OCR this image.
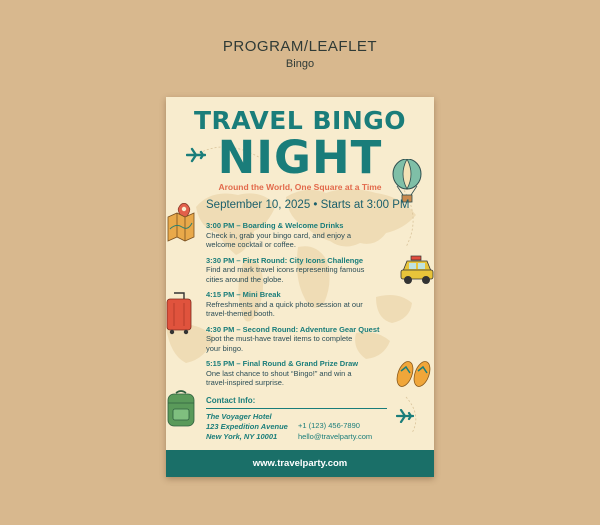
PROGRAM/LEAFLET
Bingo
TRAVEL BINGO
NIGHT
Around the World, One Square at a Time
September 10, 2025 • Starts at 3:00 PM
3:00 PM – Boarding & Welcome Drinks
Check in, grab your bingo card, and enjoy a
welcome cocktail or coffee.
3:30 PM – First Round: City Icons Challenge
Find and mark travel icons representing famous
cities around the globe.
4:15 PM – Mini Break
Refreshments and a quick photo session at our
travel-themed booth.
4:30 PM – Second Round: Adventure Gear Quest
Spot the must-have travel items to complete
your bingo.
5:15 PM – Final Round & Grand Prize Draw
One last chance to shout “Bingo!” and win a
travel-inspired surprise.
Contact Info:
The Voyager Hotel
123 Expedition Avenue
New York, NY 10001
+1 (123) 456-7890
hello@travelparty.com
www.travelparty.com
